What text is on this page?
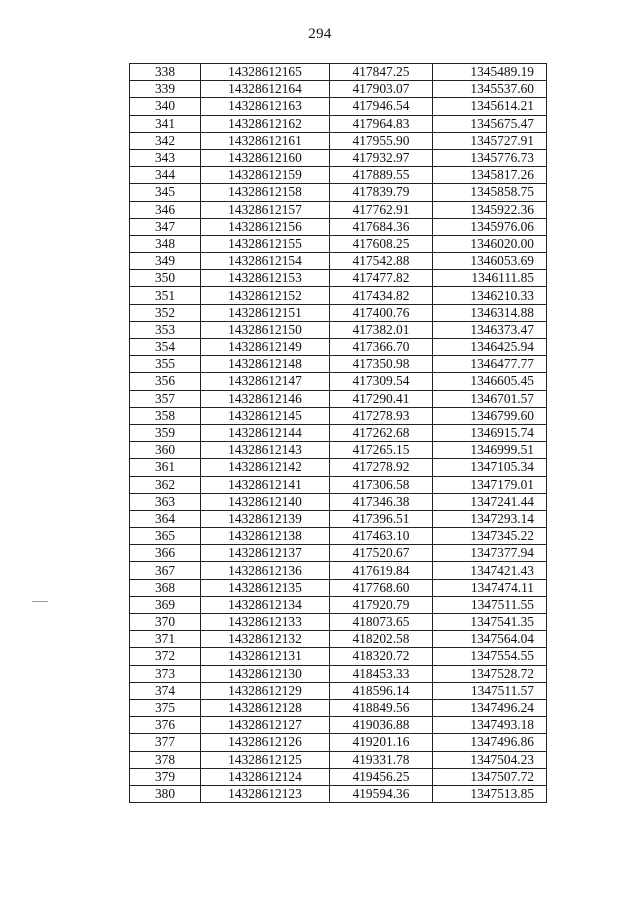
294
338	14328612165	417847.25	1345489.19
339	14328612164	417903.07	1345537.60
340	14328612163	417946.54	1345614.21
341	14328612162	417964.83	1345675.47
342	14328612161	417955.90	1345727.91
343	14328612160	417932.97	1345776.73
344	14328612159	417889.55	1345817.26
345	14328612158	417839.79	1345858.75
346	14328612157	417762.91	1345922.36
347	14328612156	417684.36	1345976.06
348	14328612155	417608.25	1346020.00
349	14328612154	417542.88	1346053.69
350	14328612153	417477.82	1346111.85
351	14328612152	417434.82	1346210.33
352	14328612151	417400.76	1346314.88
353	14328612150	417382.01	1346373.47
354	14328612149	417366.70	1346425.94
355	14328612148	417350.98	1346477.77
356	14328612147	417309.54	1346605.45
357	14328612146	417290.41	1346701.57
358	14328612145	417278.93	1346799.60
359	14328612144	417262.68	1346915.74
360	14328612143	417265.15	1346999.51
361	14328612142	417278.92	1347105.34
362	14328612141	417306.58	1347179.01
363	14328612140	417346.38	1347241.44
364	14328612139	417396.51	1347293.14
365	14328612138	417463.10	1347345.22
366	14328612137	417520.67	1347377.94
367	14328612136	417619.84	1347421.43
368	14328612135	417768.60	1347474.11
369	14328612134	417920.79	1347511.55
370	14328612133	418073.65	1347541.35
371	14328612132	418202.58	1347564.04
372	14328612131	418320.72	1347554.55
373	14328612130	418453.33	1347528.72
374	14328612129	418596.14	1347511.57
375	14328612128	418849.56	1347496.24
376	14328612127	419036.88	1347493.18
377	14328612126	419201.16	1347496.86
378	14328612125	419331.78	1347504.23
379	14328612124	419456.25	1347507.72
380	14328612123	419594.36	1347513.85
